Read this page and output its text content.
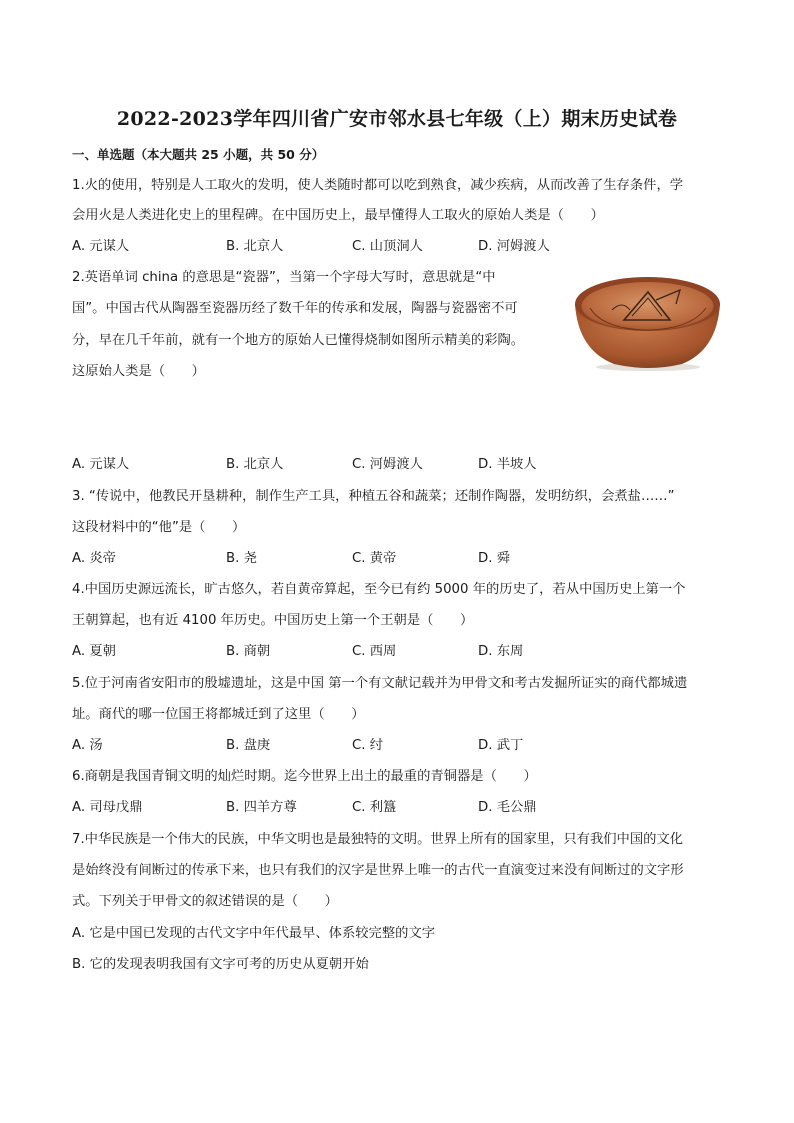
2022-2023学年四川省广安市邻水县七年级（上）期末历史试卷
一、单选题（本大题共 25 小题，共 50 分）
1.火的使用，特别是人工取火的发明，使人类随时都可以吃到熟食，减少疾病，从而改善了生存条件，学
会用火是人类进化史上的里程碑。在中国历史上，最早懂得人工取火的原始人类是（　　）
A. 元谋人	B. 北京人	C. 山顶洞人	D. 河姆渡人
2.英语单词 china 的意思是“瓷器”，当第一个字母大写时，意思就是“中
国”。中国古代从陶器至瓷器历经了数千年的传承和发展，陶器与瓷器密不可
分，早在几千年前，就有一个地方的原始人已懂得烧制如图所示精美的彩陶。
这原始人类是（　　）
A. 元谋人	B. 北京人	C. 河姆渡人	D. 半坡人
3. “传说中，他教民开垦耕种，制作生产工具，种植五谷和蔬菜；还制作陶器，发明纺织，会煮盐……”
这段材料中的“他”是（　　）
A. 炎帝	B. 尧	C. 黄帝	D. 舜
4.中国历史源远流长，旷古悠久，若自黄帝算起，至今已有约 5000 年的历史了，若从中国历史上第一个
王朝算起，也有近 4100 年历史。中国历史上第一个王朝是（　　）
A. 夏朝	B. 商朝	C. 西周	D. 东周
5.位于河南省安阳市的殷墟遗址，这是中国 第一个有文献记载并为甲骨文和考古发掘所证实的商代都城遗
址。商代的哪一位国王将都城迁到了这里（　　）
A. 汤	B. 盘庚	C. 纣	D. 武丁
6.商朝是我国青铜文明的灿烂时期。迄今世界上出土的最重的青铜器是（　　）
A. 司母戊鼎	B. 四羊方尊	C. 利簋	D. 毛公鼎
7.中华民族是一个伟大的民族，中华文明也是最独特的文明。世界上所有的国家里，只有我们中国的文化
是始终没有间断过的传承下来，也只有我们的汉字是世界上唯一的古代一直演变过来没有间断过的文字形
式。下列关于甲骨文的叙述错误的是（　　）
A. 它是中国已发现的古代文字中年代最早、体系较完整的文字
B. 它的发现表明我国有文字可考的历史从夏朝开始
